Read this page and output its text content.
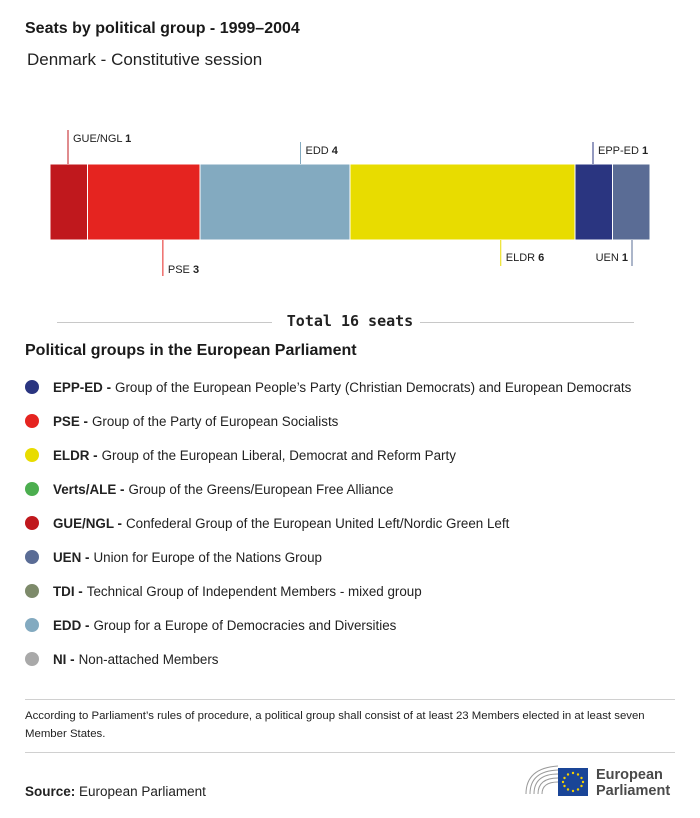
Seats by political group - 1999–2004
Denmark - Constitutive session
GUE/NGL 1
PSE 3
EDD 4
ELDR 6
EPP-ED 1
UEN 1
Total 16 seats
Political groups in the European Parliament
EPP-ED - Group of the European People’s Party (Christian Democrats) and European Democrats
PSE - Group of the Party of European Socialists
ELDR - Group of the European Liberal, Democrat and Reform Party
Verts/ALE - Group of the Greens/European Free Alliance
GUE/NGL - Confederal Group of the European United Left/Nordic Green Left
UEN - Union for Europe of the Nations Group
TDI - Technical Group of Independent Members - mixed group
EDD - Group for a Europe of Democracies and Diversities
NI - Non-attached Members
According to Parliament’s rules of procedure, a political group shall consist of at least 23 Members elected in at least seven Member States.
Source: European Parliament
European
Parliament
